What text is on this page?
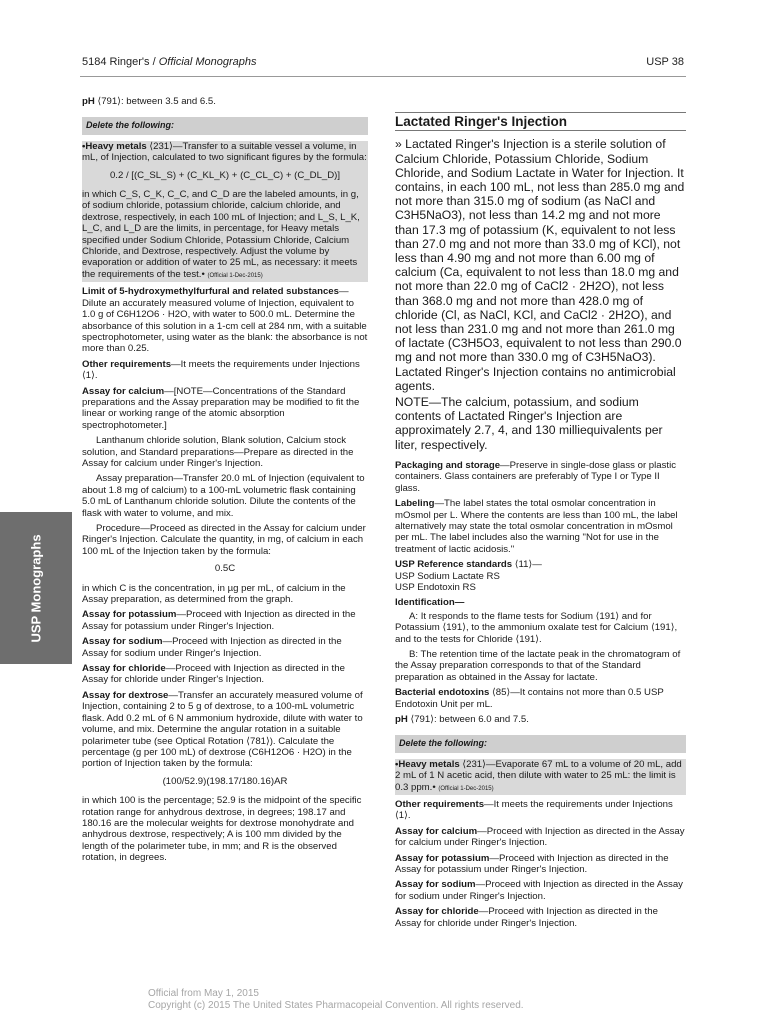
5184 Ringer's / Official Monographs	USP 38
USP Monographs

pH ⟨791⟩: between 3.5 and 6.5.

Delete the following:

•Heavy metals ⟨231⟩—Transfer to a suitable vessel a volume, in mL, of Injection, calculated to two significant figures by the formula:

0.2 / [(C_SL_S) + (C_KL_K) + (C_CL_C) + (C_DL_D)]

in which C_S, C_K, C_C, and C_D are the labeled amounts, in g, of sodium chloride, potassium chloride, calcium chloride, and dextrose, respectively, in each 100 mL of Injection; and L_S, L_K, L_C, and L_D are the limits, in percentage, for Heavy metals specified under Sodium Chloride, Potassium Chloride, Calcium Chloride, and Dextrose, respectively. Adjust the volume by evaporation or addition of water to 25 mL, as necessary: it meets the requirements of the test.• (Official 1-Dec-2015)

Limit of 5-hydroxymethylfurfural and related substances—Dilute an accurately measured volume of Injection, equivalent to 1.0 g of C6H12O6 · H2O, with water to 500.0 mL. Determine the absorbance of this solution in a 1-cm cell at 284 nm, with a suitable spectrophotometer, using water as the blank: the absorbance is not more than 0.25.

Other requirements—It meets the requirements under Injections ⟨1⟩.

Assay for calcium—[NOTE—Concentrations of the Standard preparations and the Assay preparation may be modified to fit the linear or working range of the atomic absorption spectrophotometer.]

Lanthanum chloride solution, Blank solution, Calcium stock solution, and Standard preparations—Prepare as directed in the Assay for calcium under Ringer's Injection.

Assay preparation—Transfer 20.0 mL of Injection (equivalent to about 1.8 mg of calcium) to a 100-mL volumetric flask containing 5.0 mL of Lanthanum chloride solution. Dilute the contents of the flask with water to volume, and mix.

Procedure—Proceed as directed in the Assay for calcium under Ringer's Injection. Calculate the quantity, in mg, of calcium in each 100 mL of the Injection taken by the formula:

0.5C

in which C is the concentration, in µg per mL, of calcium in the Assay preparation, as determined from the graph.

Assay for potassium—Proceed with Injection as directed in the Assay for potassium under Ringer's Injection.

Assay for sodium—Proceed with Injection as directed in the Assay for sodium under Ringer's Injection.

Assay for chloride—Proceed with Injection as directed in the Assay for chloride under Ringer's Injection.

Assay for dextrose—Transfer an accurately measured volume of Injection, containing 2 to 5 g of dextrose, to a 100-mL volumetric flask. Add 0.2 mL of 6 N ammonium hydroxide, dilute with water to volume, and mix. Determine the angular rotation in a suitable polarimeter tube (see Optical Rotation ⟨781⟩). Calculate the percentage (g per 100 mL) of dextrose (C6H12O6 · H2O) in the portion of Injection taken by the formula:

(100/52.9)(198.17/180.16)AR

in which 100 is the percentage; 52.9 is the midpoint of the specific rotation range for anhydrous dextrose, in degrees; 198.17 and 180.16 are the molecular weights for dextrose monohydrate and anhydrous dextrose, respectively; A is 100 mm divided by the length of the polarimeter tube, in mm; and R is the observed rotation, in degrees.

Lactated Ringer's Injection

» Lactated Ringer's Injection is a sterile solution of Calcium Chloride, Potassium Chloride, Sodium Chloride, and Sodium Lactate in Water for Injection. It contains, in each 100 mL, not less than 285.0 mg and not more than 315.0 mg of sodium (as NaCl and C3H5NaO3), not less than 14.2 mg and not more than 17.3 mg of potassium (K, equivalent to not less than 27.0 mg and not more than 33.0 mg of KCl), not less than 4.90 mg and not more than 6.00 mg of calcium (Ca, equivalent to not less than 18.0 mg and not more than 22.0 mg of CaCl2 · 2H2O), not less than 368.0 mg and not more than 428.0 mg of chloride (Cl, as NaCl, KCl, and CaCl2 · 2H2O), and not less than 231.0 mg and not more than 261.0 mg of lactate (C3H5O3, equivalent to not less than 290.0 mg and not more than 330.0 mg of C3H5NaO3). Lactated Ringer's Injection contains no antimicrobial agents.

NOTE—The calcium, potassium, and sodium contents of Lactated Ringer's Injection are approximately 2.7, 4, and 130 milliequivalents per liter, respectively.

Packaging and storage—Preserve in single-dose glass or plastic containers. Glass containers are preferably of Type I or Type II glass.

Labeling—The label states the total osmolar concentration in mOsmol per L. Where the contents are less than 100 mL, the label alternatively may state the total osmolar concentration in mOsmol per mL. The label includes also the warning "Not for use in the treatment of lactic acidosis."

USP Reference standards ⟨11⟩—

USP Sodium Lactate RS

USP Endotoxin RS

Identification—

A: It responds to the flame tests for Sodium ⟨191⟩ and for Potassium ⟨191⟩, to the ammonium oxalate test for Calcium ⟨191⟩, and to the tests for Chloride ⟨191⟩.

B: The retention time of the lactate peak in the chromatogram of the Assay preparation corresponds to that of the Standard preparation as obtained in the Assay for lactate.

Bacterial endotoxins ⟨85⟩—It contains not more than 0.5 USP Endotoxin Unit per mL.

pH ⟨791⟩: between 6.0 and 7.5.

Delete the following:

•Heavy metals ⟨231⟩—Evaporate 67 mL to a volume of 20 mL, add 2 mL of 1 N acetic acid, then dilute with water to 25 mL: the limit is 0.3 ppm.• (Official 1-Dec-2015)

Other requirements—It meets the requirements under Injections ⟨1⟩.

Assay for calcium—Proceed with Injection as directed in the Assay for calcium under Ringer's Injection.

Assay for potassium—Proceed with Injection as directed in the Assay for potassium under Ringer's Injection.

Assay for sodium—Proceed with Injection as directed in the Assay for sodium under Ringer's Injection.

Assay for chloride—Proceed with Injection as directed in the Assay for chloride under Ringer's Injection.

Official from May 1, 2015
Copyright (c) 2015 The United States Pharmacopeial Convention. All rights reserved.
